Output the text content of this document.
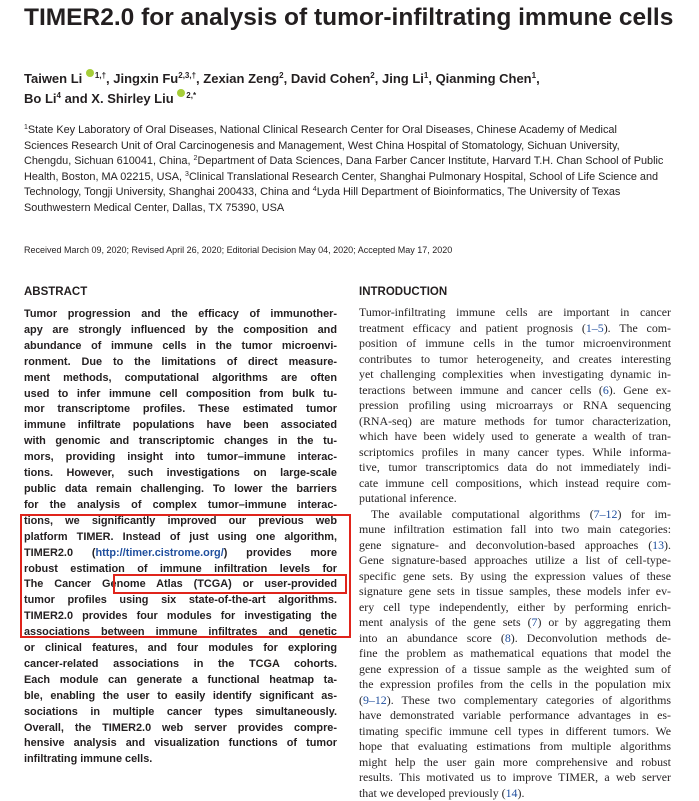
TIMER2.0 for analysis of tumor-infiltrating immune cells
Taiwen Li $^{1,\dagger}$, Jingxin $Fu^{2,3,\dagger}$, Zexian Zeng$^2$, David Cohen$^2$, Jing Li$^1$, Qianming Chen$^1$,
Bo Li$^4$ and X. Shirley Liu $^{2,*}$
$^1$State Key Laboratory of Oral Diseases, National Clinical Research Center for Oral Diseases, Chinese Academy of Medical Sciences Research Unit of Oral Carcinogenesis and Management, West China Hospital of Stomatology, Sichuan University, Chengdu, Sichuan 610041, China, $^2$Department of Data Sciences, Dana Farber Cancer Institute, Harvard T.H. Chan School of Public Health, Boston, MA 02215, USA, $^3$Clinical Translational Research Center, Shanghai Pulmonary Hospital, School of Life Science and Technology, Tongji University, Shanghai 200433, China and $^4$Lyda Hill Department of Bioinformatics, The University of Texas Southwestern Medical Center, Dallas, TX 75390, USA
Received March 09, 2020; Revised April 26, 2020; Editorial Decision May 04, 2020; Accepted May 17, 2020
ABSTRACT	INTRODUCTION
Tumor progression and the efficacy of immunother-
apy are strongly influenced by the composition and
abundance of immune cells in the tumor microenvi-
ronment. Due to the limitations of direct measure-
ment methods, computational algorithms are often
used to infer immune cell composition from bulk tu-
mor transcriptome profiles. These estimated tumor
immune infiltrate populations have been associated
with genomic and transcriptomic changes in the tu-
mors, providing insight into tumor–immune interac-
tions. However, such investigations on large-scale
public data remain challenging. To lower the barriers
for the analysis of complex tumor–immune interac-
tions, we significantly improved our previous web
platform TIMER. Instead of just using one algorithm,
TIMER2.0 (http://timer.cistrome.org/) provides more
robust estimation of immune infiltration levels for
The Cancer Genome Atlas (TCGA) or user-provided
tumor profiles using six state-of-the-art algorithms.
TIMER2.0 provides four modules for investigating the
associations between immune infiltrates and genetic
or clinical features, and four modules for exploring
cancer-related associations in the TCGA cohorts.
Each module can generate a functional heatmap ta-
ble, enabling the user to easily identify significant as-
sociations in multiple cancer types simultaneously.
Overall, the TIMER2.0 web server provides compre-
hensive analysis and visualization functions of tumor
infiltrating immune cells.
Tumor-infiltrating immune cells are important in cancer
treatment efficacy and patient prognosis (1–5). The com-
position of immune cells in the tumor microenvironment
contributes to tumor heterogeneity, and creates interesting
yet challenging complexities when investigating dynamic in-
teractions between immune and cancer cells (6). Gene ex-
pression profiling using microarrays or RNA sequencing
(RNA-seq) are mature methods for tumor characterization,
which have been widely used to generate a wealth of tran-
scriptomics profiles in many cancer types. While informa-
tive, tumor transcriptomics data do not immediately indi-
cate immune cell compositions, which instead require com-
putational inference.
The available computational algorithms (7–12) for im-
mune infiltration estimation fall into two main categories:
gene signature- and deconvolution-based approaches (13).
Gene signature-based approaches utilize a list of cell-type-
specific gene sets. By using the expression values of these
signature gene sets in tissue samples, these models infer ev-
ery cell type independently, either by performing enrich-
ment analysis of the gene sets (7) or by aggregating them
into an abundance score (8). Deconvolution methods de-
fine the problem as mathematical equations that model the
gene expression of a tissue sample as the weighted sum of
the expression profiles from the cells in the population mix
(9–12). These two complementary categories of algorithms
have demonstrated variable performance advantages in es-
timating specific immune cell types in different tumors. We
hope that evaluating estimations from multiple algorithms
might help the user gain more comprehensive and robust
results. This motivated us to improve TIMER, a web server
that we developed previously (14).
